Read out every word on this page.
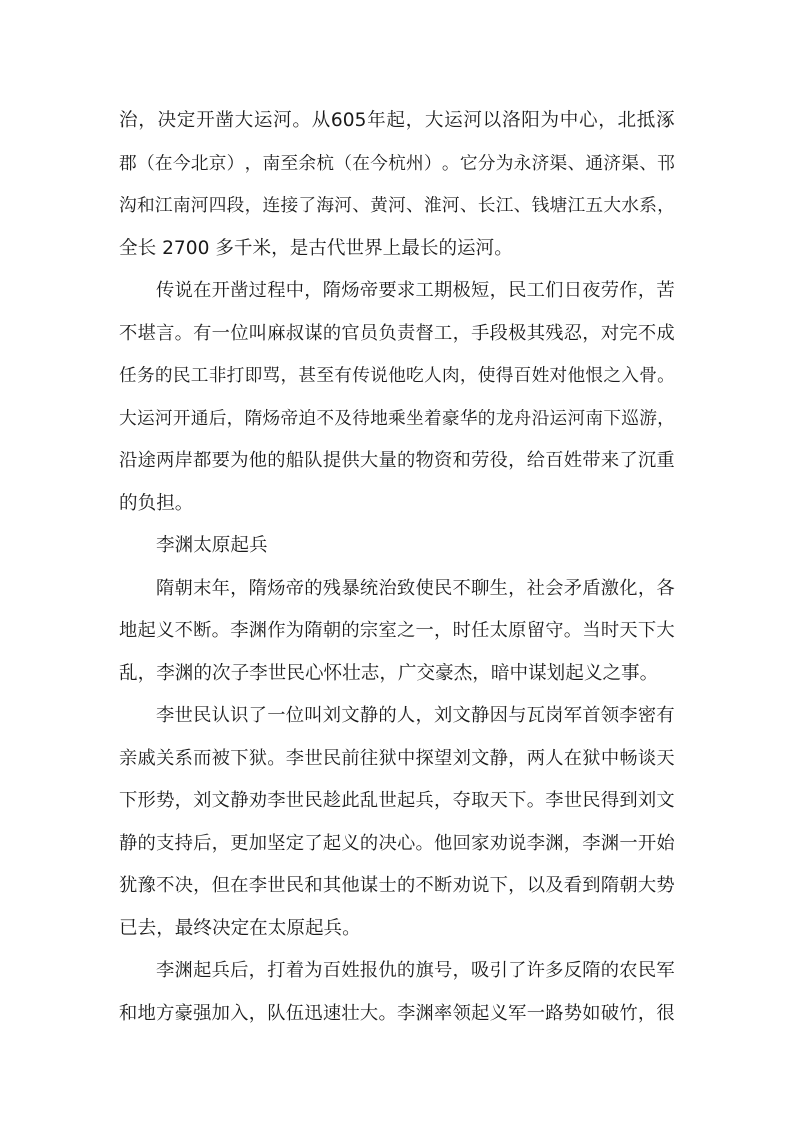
治 ， 决 定 开 凿 大 运 河 。 从 605 年 起 ， 大 运 河 以 洛 阳 为 中 心 ， 北 抵 涿
郡 （ 在 今 北 京 ） ， 南 至 余 杭 （ 在 今 杭 州 ） 。 它 分 为 永 济 渠 、 通 济 渠 、 邗
沟 和 江 南 河 四 段 ， 连 接 了 海 河 、 黄 河 、 淮 河 、 长 江 、 钱 塘 江 五 大 水 系 ，
全长 2700 多千米，是古代世界上最长的运河。
传 说 在 开 凿 过 程 中 ， 隋 炀 帝 要 求 工 期 极 短 ， 民 工 们 日 夜 劳 作 ， 苦
不 堪 言 。 有 一 位 叫 麻 叔 谋 的 官 员 负 责 督 工 ， 手 段 极 其 残 忍 ， 对 完 不 成
任 务 的 民 工 非 打 即 骂 ， 甚 至 有 传 说 他 吃 人 肉 ， 使 得 百 姓 对 他 恨 之 入 骨 。
大 运 河 开 通 后 ， 隋 炀 帝 迫 不 及 待 地 乘 坐 着 豪 华 的 龙 舟 沿 运 河 南 下 巡 游 ，
沿 途 两 岸 都 要 为 他 的 船 队 提 供 大 量 的 物 资 和 劳 役 ， 给 百 姓 带 来 了 沉 重
的负担。
李渊太原起兵
隋 朝 末 年 ， 隋 炀 帝 的 残 暴 统 治 致 使 民 不 聊 生 ， 社 会 矛 盾 激 化 ， 各
地 起 义 不 断 。 李 渊 作 为 隋 朝 的 宗 室 之 一 ， 时 任 太 原 留 守 。 当 时 天 下 大
乱，李渊的次子李世民心怀壮志，广交豪杰，暗中谋划起义之事。
李 世 民 认 识 了 一 位 叫 刘 文 静 的 人 ， 刘 文 静 因 与 瓦 岗 军 首 领 李 密 有
亲 戚 关 系 而 被 下 狱 。 李 世 民 前 往 狱 中 探 望 刘 文 静 ， 两 人 在 狱 中 畅 谈 天
下 形 势 ， 刘 文 静 劝 李 世 民 趁 此 乱 世 起 兵 ， 夺 取 天 下 。 李 世 民 得 到 刘 文
静 的 支 持 后 ， 更 加 坚 定 了 起 义 的 决 心 。 他 回 家 劝 说 李 渊 ， 李 渊 一 开 始
犹 豫 不 决 ， 但 在 李 世 民 和 其 他 谋 士 的 不 断 劝 说 下 ， 以 及 看 到 隋 朝 大 势
已去，最终决定在太原起兵。
李 渊 起 兵 后 ， 打 着 为 百 姓 报 仇 的 旗 号 ， 吸 引 了 许 多 反 隋 的 农 民 军
和 地 方 豪 强 加 入 ， 队 伍 迅 速 壮 大 。 李 渊 率 领 起 义 军 一 路 势 如 破 竹 ， 很
